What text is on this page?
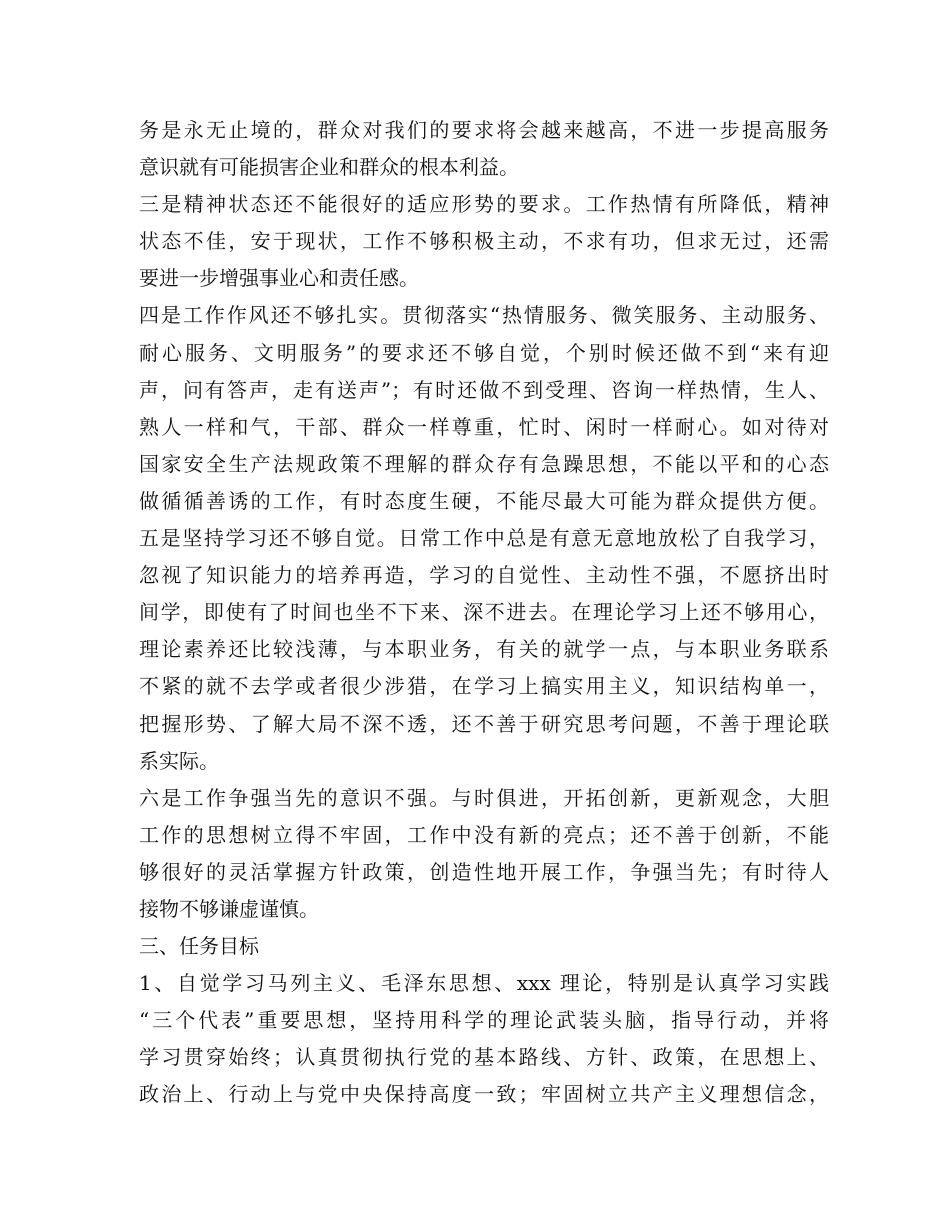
务是永无止境的，群众对我们的要求将会越来越高，不进一步提高服务
意识就有可能损害企业和群众的根本利益。
三是精神状态还不能很好的适应形势的要求。工作热情有所降低，精神
状态不佳，安于现状，工作不够积极主动，不求有功，但求无过，还需
要进一步增强事业心和责任感。
四是工作作风还不够扎实。贯彻落实“热情服务、微笑服务、主动服务、
耐心服务、文明服务”的要求还不够自觉，个别时候还做不到“来有迎
声，问有答声，走有送声”；有时还做不到受理、咨询一样热情，生人、
熟人一样和气，干部、群众一样尊重，忙时、闲时一样耐心。如对待对
国家安全生产法规政策不理解的群众存有急躁思想，不能以平和的心态
做循循善诱的工作，有时态度生硬，不能尽最大可能为群众提供方便。
五是坚持学习还不够自觉。日常工作中总是有意无意地放松了自我学习，
忽视了知识能力的培养再造，学习的自觉性、主动性不强，不愿挤出时
间学，即使有了时间也坐不下来、深不进去。在理论学习上还不够用心，
理论素养还比较浅薄，与本职业务，有关的就学一点，与本职业务联系
不紧的就不去学或者很少涉猎，在学习上搞实用主义，知识结构单一，
把握形势、了解大局不深不透，还不善于研究思考问题，不善于理论联
系实际。
六是工作争强当先的意识不强。与时俱进，开拓创新，更新观念，大胆
工作的思想树立得不牢固，工作中没有新的亮点；还不善于创新，不能
够很好的灵活掌握方针政策，创造性地开展工作，争强当先；有时待人
接物不够谦虚谨慎。
三、任务目标
1、自觉学习马列主义、毛泽东思想、xxx 理论，特别是认真学习实践
“三个代表”重要思想，坚持用科学的理论武装头脑，指导行动，并将
学习贯穿始终；认真贯彻执行党的基本路线、方针、政策，在思想上、
政治上、行动上与党中央保持高度一致；牢固树立共产主义理想信念，
